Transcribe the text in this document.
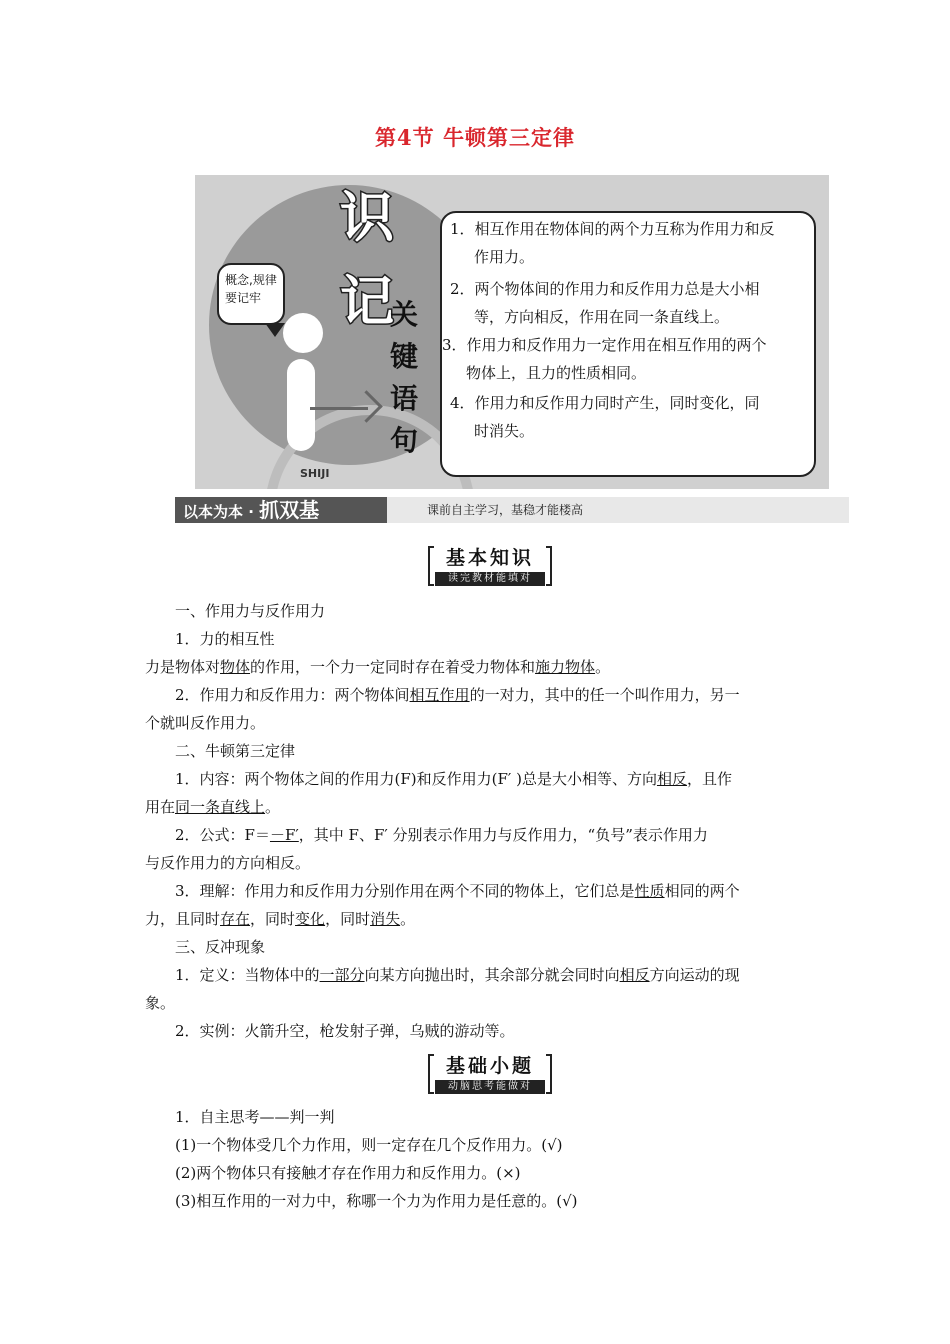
第4节 牛顿第三定律
概念,规律
要记牢
识
记
关
键
语
句
SHIJI

1．相互作用在物体间的两个力互称为作用力和反

作用力。

2．两个物体间的作用力和反作用力总是大小相

等，方向相反，作用在同一条直线上。

3．作用力和反作用力一定作用在相互作用的两个

物体上，且力的性质相同。

4．作用力和反作用力同时产生，同时变化，同

时消失。

以本为本 · 抓双基	课前自主学习，基稳才能楼高
基本知识
读完教材能填对

一、作用力与反作用力

1．力的相互性

力是物体对物体的作用，一个力一定同时存在着受力物体和施力物体。

2．作用力和反作用力：两个物体间相互作用的一对力，其中的任一个叫作用力，另一

个就叫反作用力。

二、牛顿第三定律

1．内容：两个物体之间的作用力(F)和反作用力(F′ )总是大小相等、方向相反，且作

用在同一条直线上。

2．公式：F＝－F′，其中 F、F′ 分别表示作用力与反作用力，“负号”表示作用力

与反作用力的方向相反。

3．理解：作用力和反作用力分别作用在两个不同的物体上，它们总是性质相同的两个

力，且同时存在，同时变化，同时消失。

三、反冲现象

1．定义：当物体中的一部分向某方向抛出时，其余部分就会同时向相反方向运动的现

象。

2．实例：火箭升空，枪发射子弹，乌贼的游动等。

基础小题
动脑思考能做对

1．自主思考——判一判

(1)一个物体受几个力作用，则一定存在几个反作用力。(√)

(2)两个物体只有接触才存在作用力和反作用力。(×)

(3)相互作用的一对力中，称哪一个力为作用力是任意的。(√)
